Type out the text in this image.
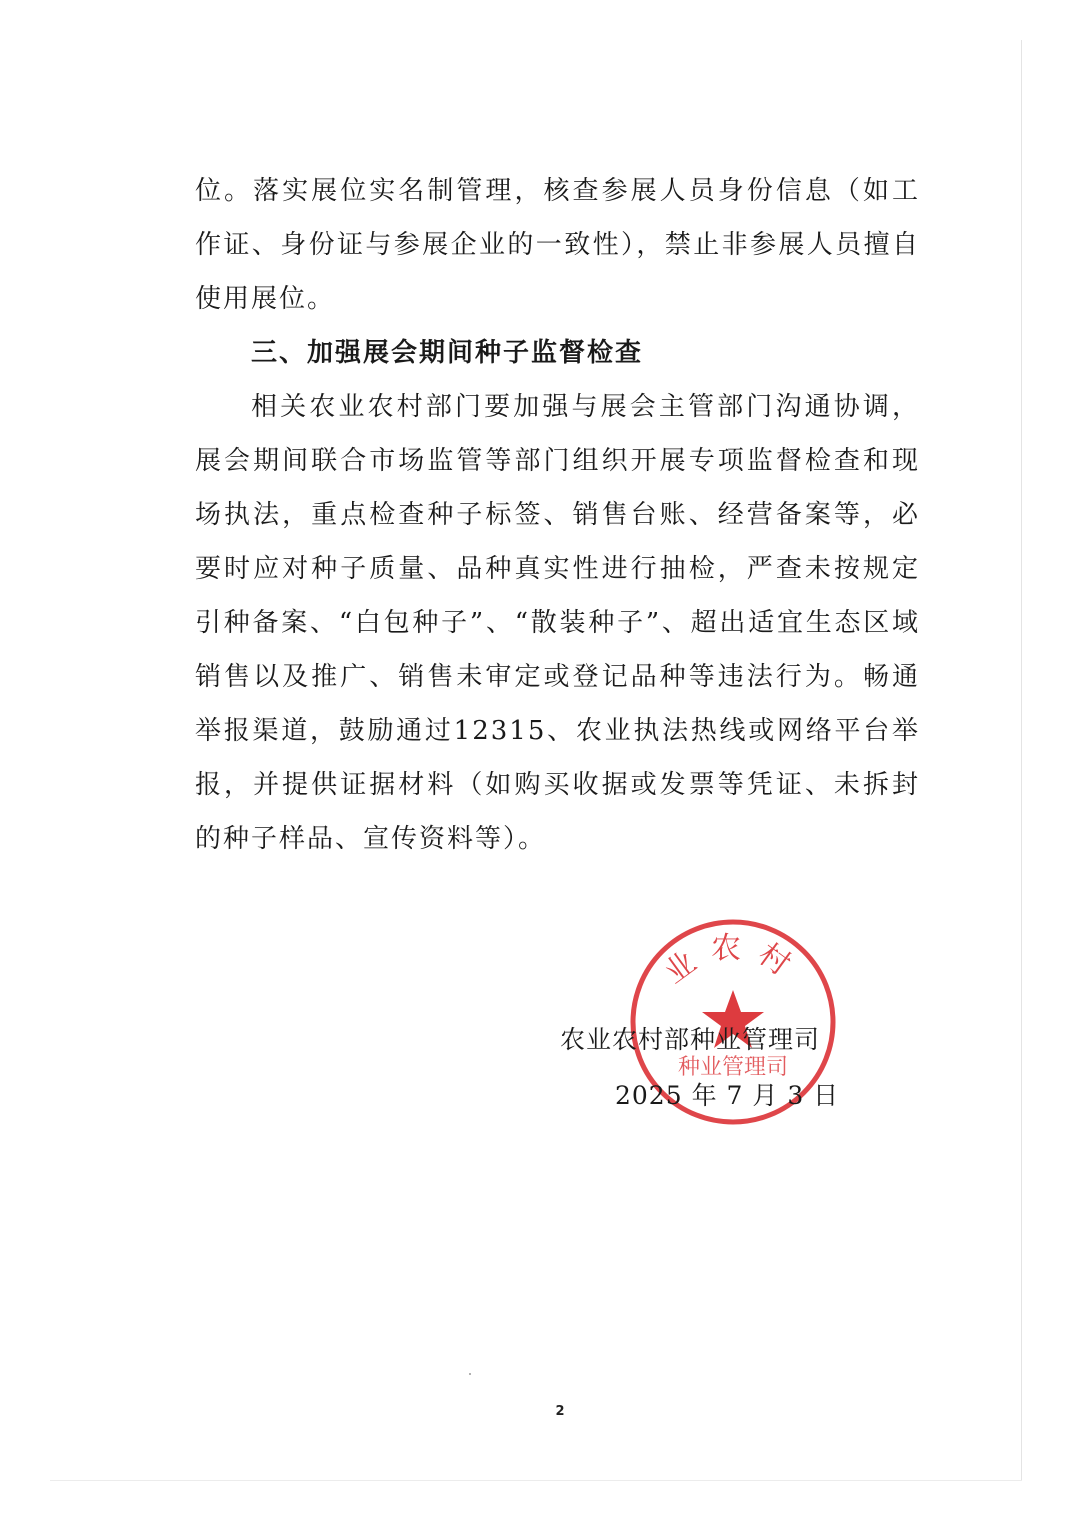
位。落实展位实名制管理，核查参展人员身份信息（如工作证、身份证与参展企业的一致性），禁止非参展人员擅自使用展位。

三、加强展会期间种子监督检查

相关农业农村部门要加强与展会主管部门沟通协调，展会期间联合市场监管等部门组织开展专项监督检查和现场执法，重点检查种子标签、销售台账、经营备案等，必要时应对种子质量、品种真实性进行抽检，严查未按规定引种备案、“白包种子”、“散装种子”、超出适宜生态区域销售以及推广、销售未审定或登记品种等违法行为。畅通举报渠道，鼓励通过12315、农业执法热线或网络平台举报，并提供证据材料（如购买收据或发票等凭证、未拆封的种子样品、宣传资料等）。

业农村
种业管理司

农业农村部种业管理司

2025 年 7 月 3 日

2
